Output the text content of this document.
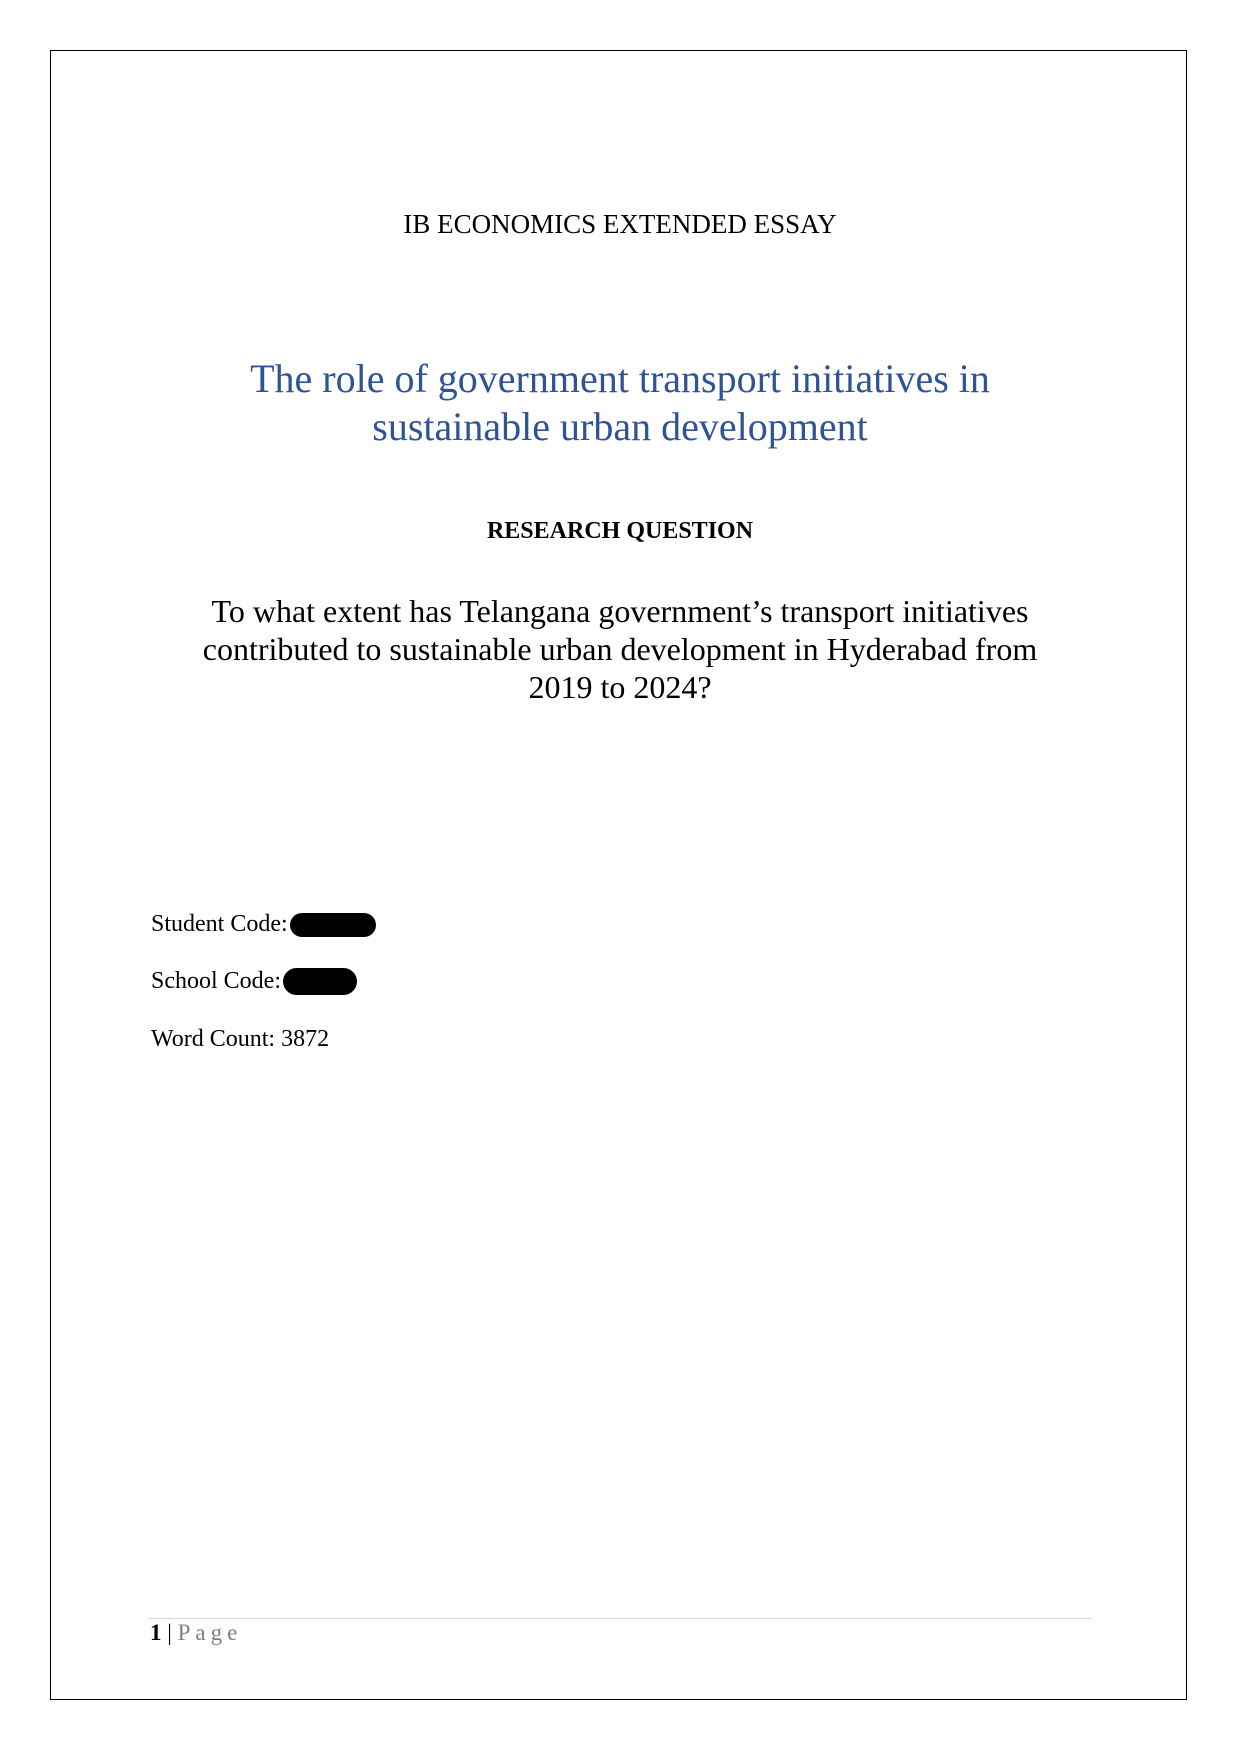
IB ECONOMICS EXTENDED ESSAY
The role of government transport initiatives in
sustainable urban development
RESEARCH QUESTION
To what extent has Telangana government’s transport initiatives
contributed to sustainable urban development in Hyderabad from
2019 to 2024?
Student Code:
School Code:
Word Count: 3872
1 | Page
